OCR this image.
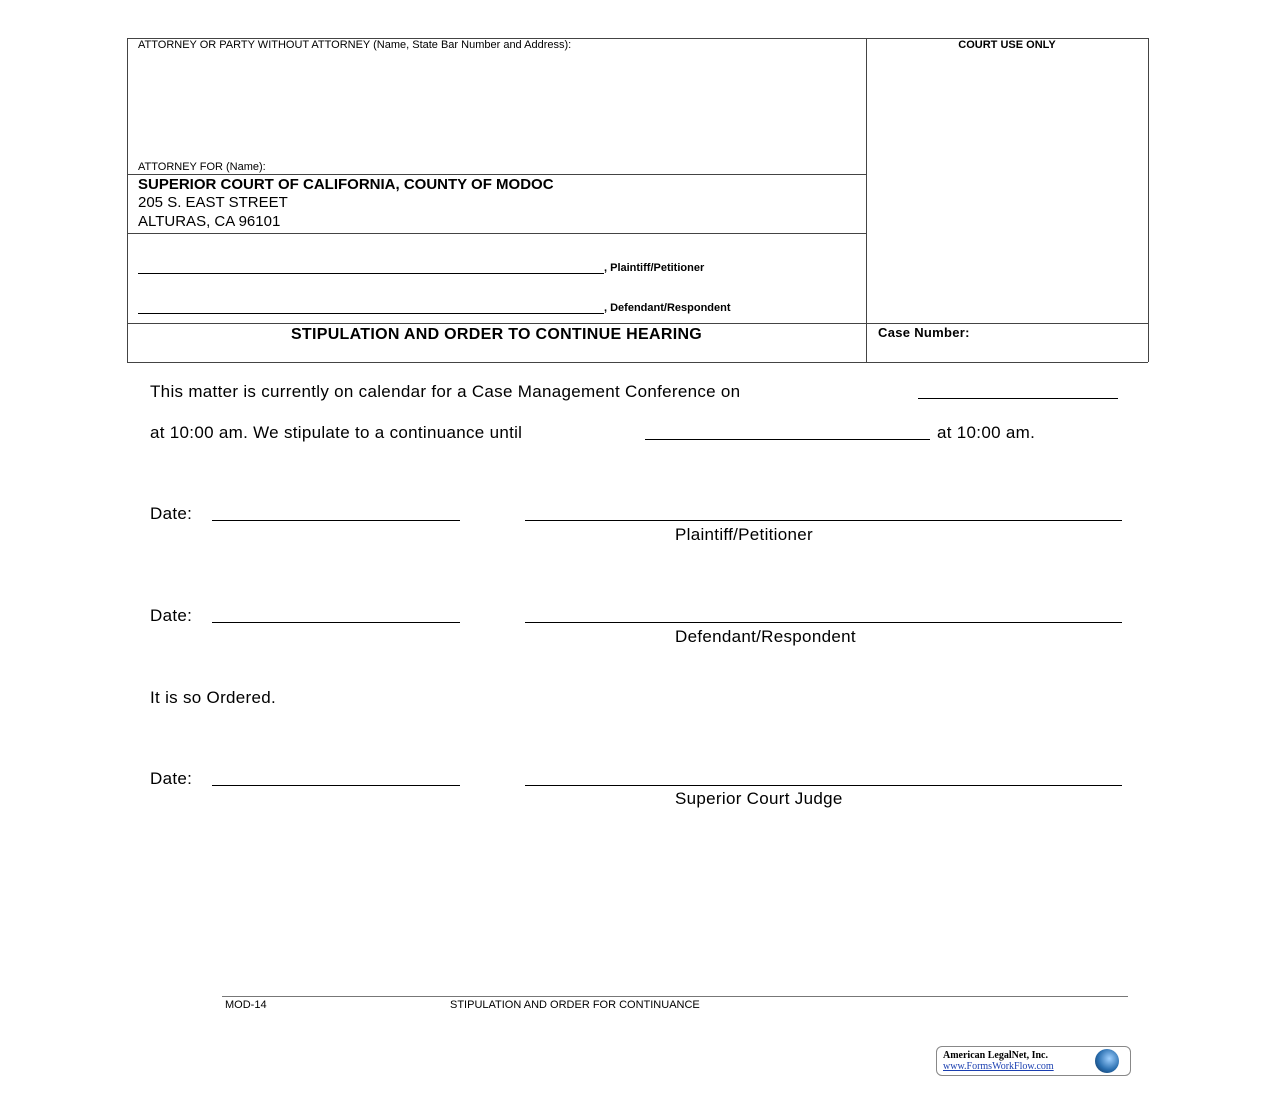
ATTORNEY OR PARTY WITHOUT ATTORNEY (Name, State Bar Number and Address):	COURT USE ONLY
ATTORNEY FOR (Name):
SUPERIOR COURT OF CALIFORNIA, COUNTY OF MODOC
205 S. EAST STREET
ALTURAS, CA 96101
, Plaintiff/Petitioner
, Defendant/Respondent
STIPULATION AND ORDER TO CONTINUE HEARING	Case Number:
This matter is currently on calendar for a Case Management Conference on
at 10:00 am. We stipulate to a continuance until	at 10:00 am.
Date:
Plaintiff/Petitioner
Date:
Defendant/Respondent
It is so Ordered.
Date:
Superior Court Judge
MOD-14	STIPULATION AND ORDER FOR CONTINUANCE
American LegalNet, Inc.
www.FormsWorkFlow.com
